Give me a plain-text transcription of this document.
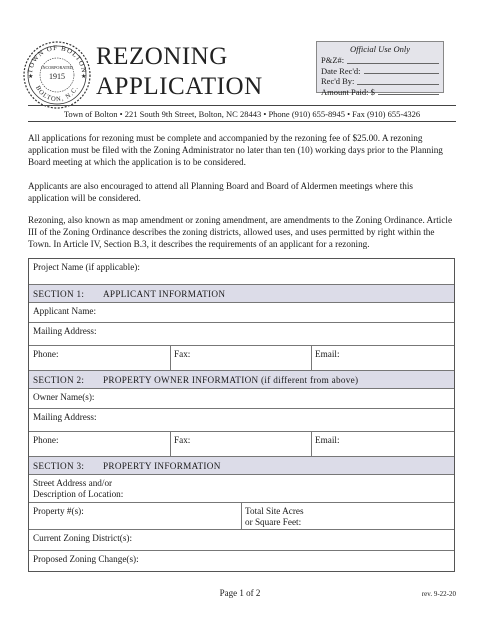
TOWN OF BOLTON
BOLTON, N.C.
INCORPORATED
1915
★	★
REZONING
APPLICATION
Official Use Only
P&Z#:
Date Rec'd:
Rec'd By:
Amount Paid: $
Town of Bolton • 221 South 9th Street, Bolton, NC 28443 • Phone (910) 655-8945 • Fax (910) 655-4326

All applications for rezoning must be complete and accompanied by the rezoning fee of $25.00. A rezoning application must be filed with the Zoning Administrator no later than ten (10) working days prior to the Planning Board meeting at which the application is to be considered.

Applicants are also encouraged to attend all Planning Board and Board of Aldermen meetings where this application will be considered.

Rezoning, also known as map amendment or zoning amendment, are amendments to the Zoning Ordinance. Article III of the Zoning Ordinance describes the zoning districts, allowed uses, and uses permitted by right within the Town. In Article IV, Section B.3, it describes the requirements of an applicant for a rezoning.

Project Name (if applicable):
SECTION 1: APPLICANT INFORMATION
Applicant Name:
Mailing Address:
Phone:	Fax:	Email:
SECTION 2: PROPERTY OWNER INFORMATION (if different from above)
Owner Name(s):
Mailing Address:
Phone:	Fax:	Email:
SECTION 3: PROPERTY INFORMATION
Street Address and/or
Description of Location:
Property #(s):	Total Site Acres
or Square Feet:
Current Zoning District(s):
Proposed Zoning Change(s):
Page 1 of 2	rev. 9-22-20
